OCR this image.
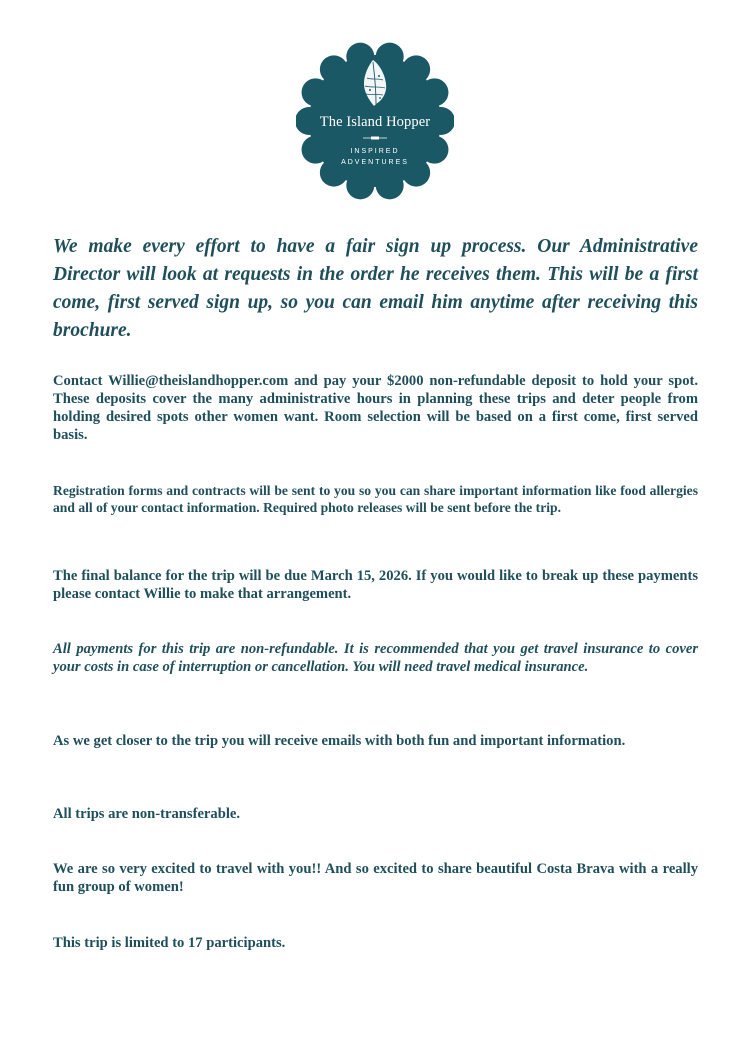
The Island Hopper
INSPIRED
ADVENTURES

We make every effort to have a fair sign up process. Our Administrative Director will look at requests in the order he receives them. This will be a first come, first served sign up, so you can email him anytime after receiving this brochure.

Contact Willie@theislandhopper.com and pay your $2000 non-refundable deposit to hold your spot. These deposits cover the many administrative hours in planning these trips and deter people from holding desired spots other women want. Room selection will be based on a first come, first served basis.

Registration forms and contracts will be sent to you so you can share important information like food allergies and all of your contact information. Required photo releases will be sent before the trip.

The final balance for the trip will be due March 15, 2026. If you would like to break up these payments please contact Willie to make that arrangement.

All payments for this trip are non-refundable. It is recommended that you get travel insurance to cover your costs in case of interruption or cancellation. You will need travel medical insurance.

As we get closer to the trip you will receive emails with both fun and important information.

All trips are non-transferable.

We are so very excited to travel with you!! And so excited to share beautiful Costa Brava with a really fun group of women!

This trip is limited to 17 participants.
